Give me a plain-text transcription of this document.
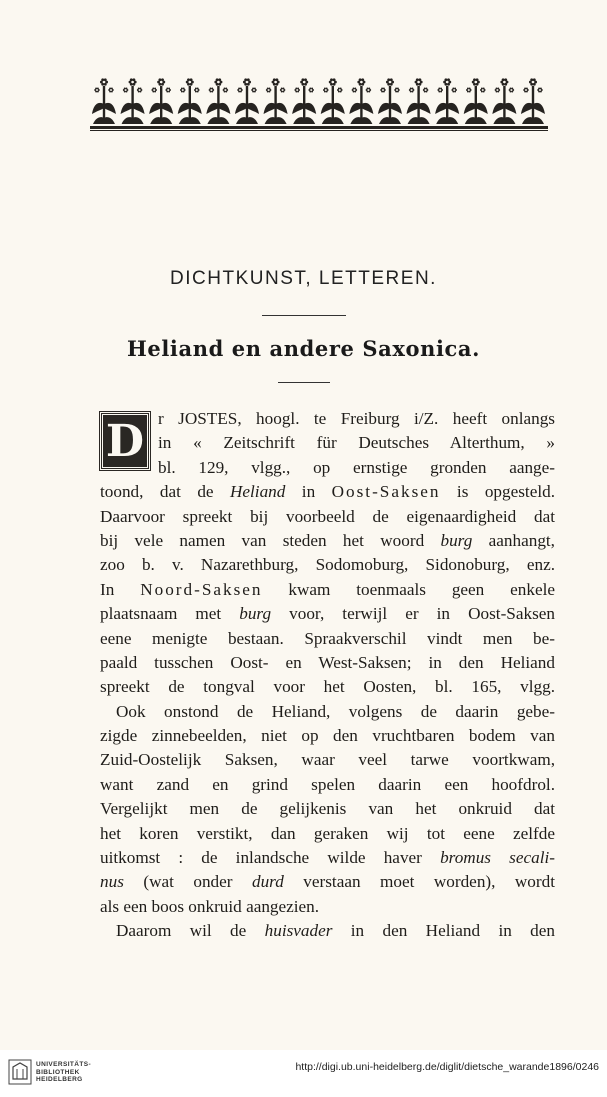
DICHTKUNST, LETTEREN.
Heliand en andere Saxonica.
D r JOSTES, hoogl. te Freiburg i/Z. heeft onlangs
in « Zeitschrift für Deutsches Alterthum, »
bl. 129, vlgg., op ernstige gronden aange-
toond, dat de Heliand in Oost-Saksen is opgesteld.
Daarvoor spreekt bij voorbeeld de eigenaardigheid dat
bij vele namen van steden het woord burg aanhangt,
zoo b. v. Nazarethburg, Sodomoburg, Sidonoburg, enz.
In Noord-Saksen kwam toenmaals geen enkele
plaatsnaam met burg voor, terwijl er in Oost-Saksen
eene menigte bestaan. Spraakverschil vindt men be-
paald tusschen Oost- en West-Saksen; in den Heliand
spreekt de tongval voor het Oosten, bl. 165, vlgg.
Ook onstond de Heliand, volgens de daarin gebe-
zigde zinnebeelden, niet op den vruchtbaren bodem van
Zuid-Oostelijk Saksen, waar veel tarwe voortkwam,
want zand en grind spelen daarin een hoofdrol.
Vergelijkt men de gelijkenis van het onkruid dat
het koren verstikt, dan geraken wij tot eene zelfde
uitkomst : de inlandsche wilde haver bromus secali-
nus (wat onder durd verstaan moet worden), wordt
als een boos onkruid aangezien.
Daarom wil de huisvader in den Heliand in den
UNIVERSITÄTS-
BIBLIOTHEK
HEIDELBERG
http://digi.ub.uni-heidelberg.de/diglit/dietsche_warande1896/0246
